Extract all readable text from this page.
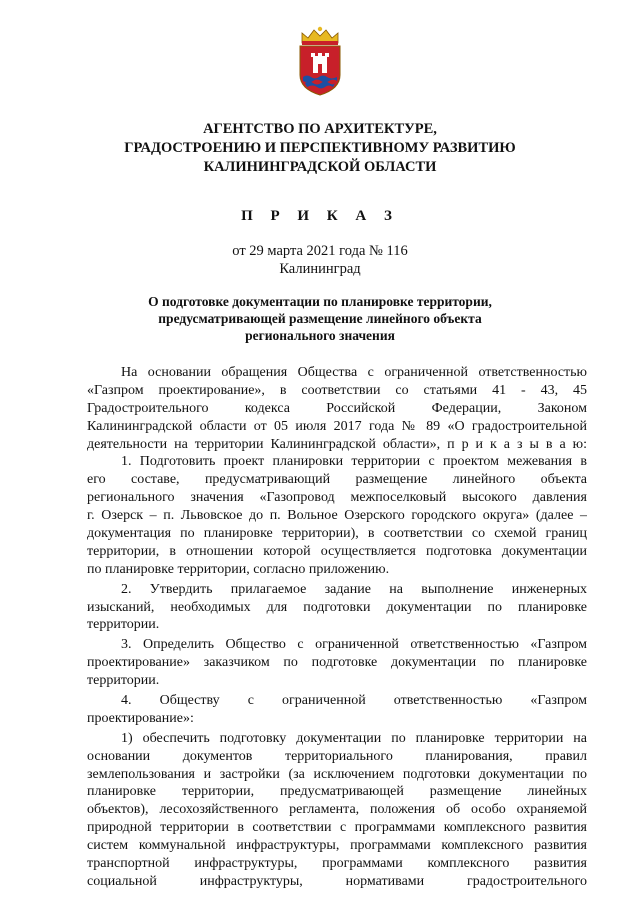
АГЕНТСТВО ПО АРХИТЕКТУРЕ,
ГРАДОСТРОЕНИЮ И ПЕРСПЕКТИВНОМУ РАЗВИТИЮ
КАЛИНИНГРАДСКОЙ ОБЛАСТИ
П Р И К А З
от 29 марта 2021 года № 116
Калининград
О подготовке документации по планировке территории,
предусматривающей размещение линейного объекта
регионального значения
На основании обращения Общества с ограниченной ответственностью
«Газпром проектирование», в соответствии со статьями 41 - 43, 45
Градостроительного кодекса Российской Федерации, Законом
Калининградской области от 05 июля 2017 года № 89 «О градостроительной
деятельности на территории Калининградской области», п р и к а з ы в а ю:
1. Подготовить проект планировки территории с проектом межевания в
его составе, предусматривающий размещение линейного объекта
регионального значения «Газопровод межпоселковый высокого давления
г. Озерск – п. Львовское до п. Вольное Озерского городского округа» (далее –
документация по планировке территории), в соответствии со схемой границ
территории, в отношении которой осуществляется подготовка документации
по планировке территории, согласно приложению.
2. Утвердить прилагаемое задание на выполнение инженерных
изысканий, необходимых для подготовки документации по планировке
территории.
3. Определить Общество с ограниченной ответственностью «Газпром
проектирование» заказчиком по подготовке документации по планировке
территории.
4. Обществу с ограниченной ответственностью «Газпром
проектирование»:
1) обеспечить подготовку документации по планировке территории на
основании документов территориального планирования, правил
землепользования и застройки (за исключением подготовки документации по
планировке территории, предусматривающей размещение линейных
объектов), лесохозяйственного регламента, положения об особо охраняемой
природной территории в соответствии с программами комплексного развития
систем коммунальной инфраструктуры, программами комплексного развития
транспортной инфраструктуры, программами комплексного развития
социальной инфраструктуры, нормативами градостроительного
